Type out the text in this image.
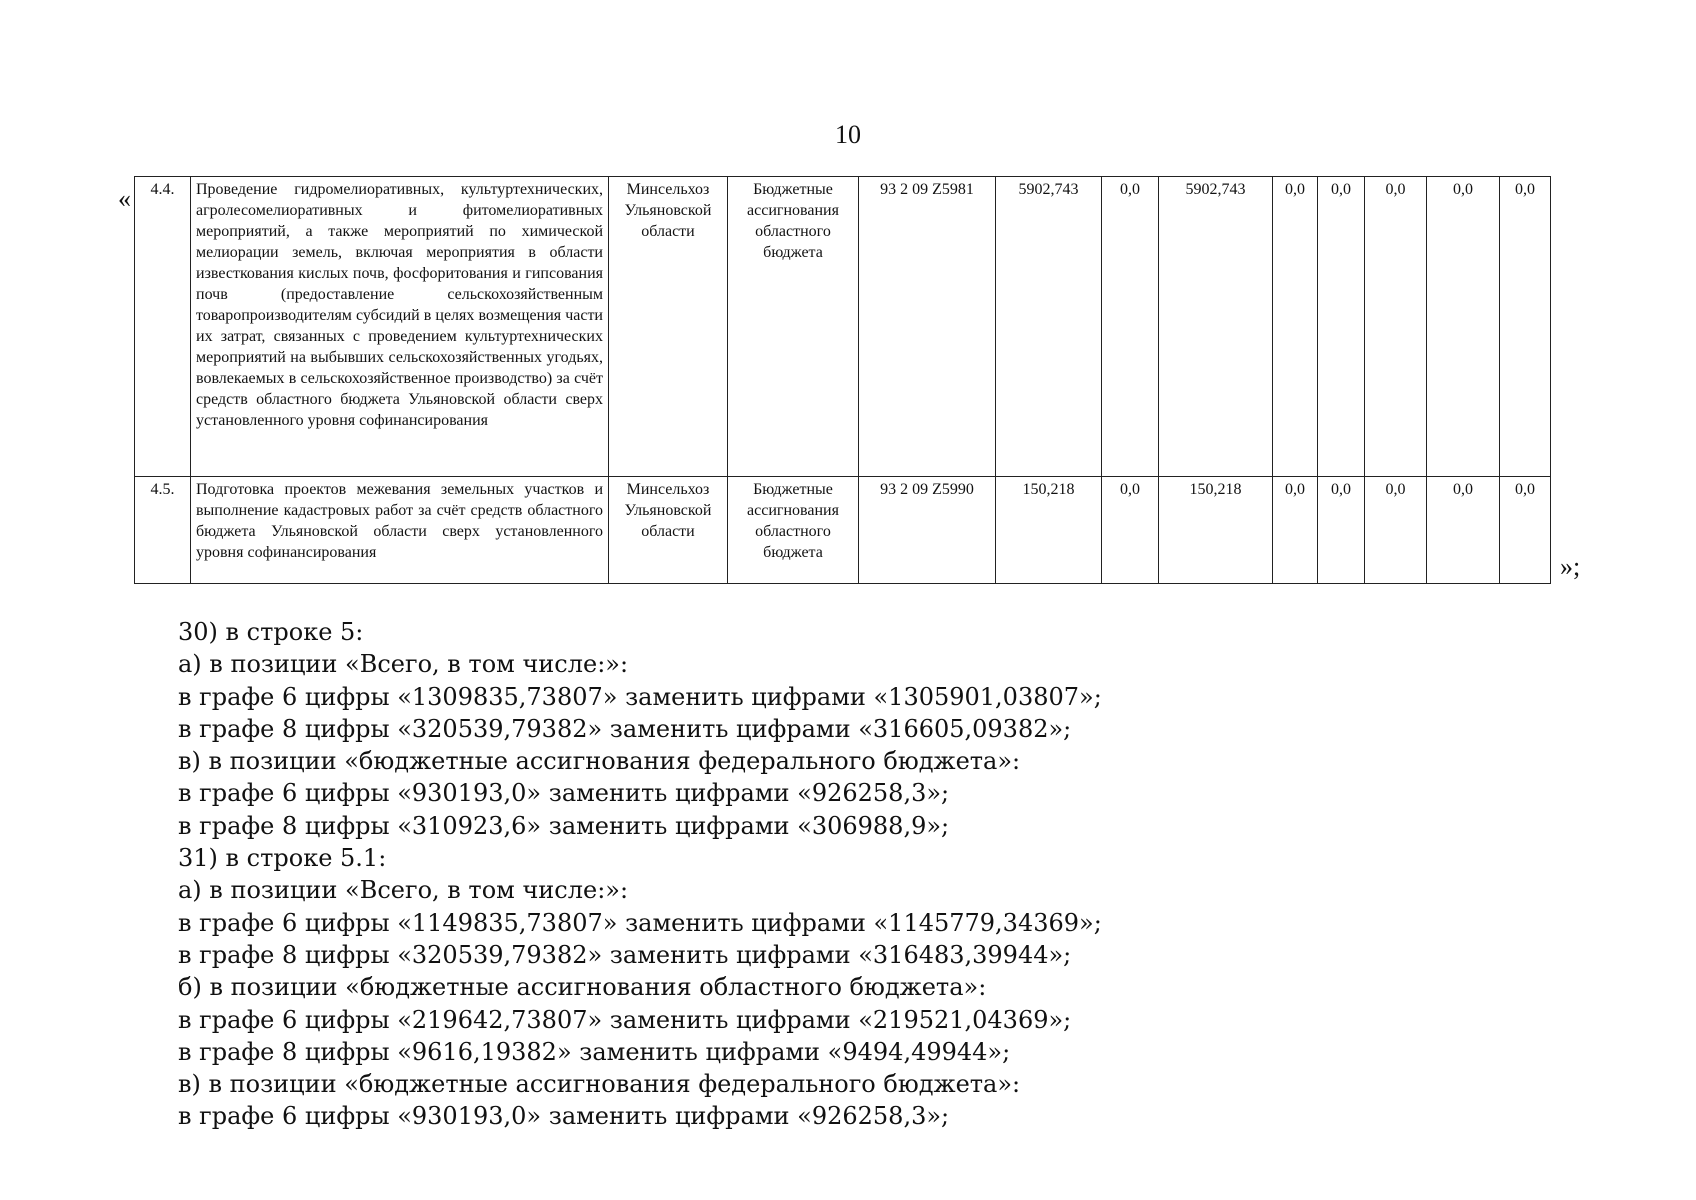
10
« 4.4.	Проведение гидромелиоративных, культуртехнических, агролесомелиоративных и фитомелиоративных мероприятий, а также мероприятий по химической мелиорации земель, включая мероприятия в области известкования кислых почв, фосфоритования и гипсования почв (предоставление сельскохозяйственным товаропроизводителям субсидий в целях возмещения части их затрат, связанных с проведением культуртехнических мероприятий на выбывших сельскохозяйственных угодьях, вовлекаемых в сельскохозяйственное производство) за счёт средств областного бюджета Ульяновской области сверх установленного уровня софинансирования	Минсельхоз Ульяновской области	Бюджетные ассигнования областного бюджета	93 2 09 Z5981	5902,743	0,0	5902,743	0,0	0,0	0,0	0,0	0,0
4.5.	Подготовка проектов межевания земельных участков и выполнение кадастровых работ за счёт средств областного бюджета Ульяновской области сверх установленного уровня софинансирования	Минсельхоз Ульяновской области	Бюджетные ассигнования областного бюджета	93 2 09 Z5990	150,218	0,0	150,218	0,0	0,0	0,0	0,0	0,0
»;
30) в строке 5:
а) в позиции «Всего, в том числе:»:
в графе 6 цифры «1309835,73807» заменить цифрами «1305901,03807»;
в графе 8 цифры «320539,79382» заменить цифрами «316605,09382»;
в) в позиции «бюджетные ассигнования федерального бюджета»:
в графе 6 цифры «930193,0» заменить цифрами «926258,3»;
в графе 8 цифры «310923,6» заменить цифрами «306988,9»;
31) в строке 5.1:
а) в позиции «Всего, в том числе:»:
в графе 6 цифры «1149835,73807» заменить цифрами «1145779,34369»;
в графе 8 цифры «320539,79382» заменить цифрами «316483,39944»;
б) в позиции «бюджетные ассигнования областного бюджета»:
в графе 6 цифры «219642,73807» заменить цифрами «219521,04369»;
в графе 8 цифры «9616,19382» заменить цифрами «9494,49944»;
в) в позиции «бюджетные ассигнования федерального бюджета»:
в графе 6 цифры «930193,0» заменить цифрами «926258,3»;
